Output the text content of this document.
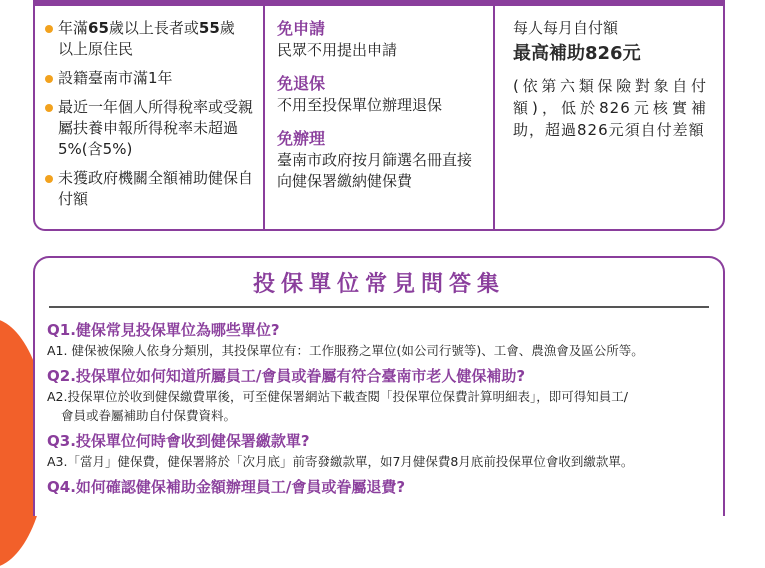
年滿65歲以上長者或55歲
以上原住民
設籍臺南市滿1年
最近一年個人所得稅率或受親屬扶養申報所得稅率未超過5%(含5%)
未獲政府機關全額補助健保自付額
免申請
民眾不用提出申請
免退保
不用至投保單位辦理退保
免辦理
臺南市政府按月篩選名冊直接向健保署繳納健保費
每人每月自付額
最高補助826元
(依第六類保險對象自付額)，低於826元核實補助，超過826元須自付差額
投保單位常見問答集
Q1.健保常見投保單位為哪些單位?
A1. 健保被保險人依身分類別，其投保單位有：工作服務之單位(如公司行號等)、工會、農漁會及區公所等。
Q2.投保單位如何知道所屬員工/會員或眷屬有符合臺南市老人健保補助?
A2.投保單位於收到健保繳費單後，可至健保署網站下載查閱「投保單位保費計算明細表」，即可得知員工/
會員或眷屬補助自付保費資料。
Q3.投保單位何時會收到健保署繳款單?
A3.「當月」健保費，健保署將於「次月底」前寄發繳款單，如7月健保費8月底前投保單位會收到繳款單。
Q4.如何確認健保補助金額辦理員工/會員或眷屬退費?
